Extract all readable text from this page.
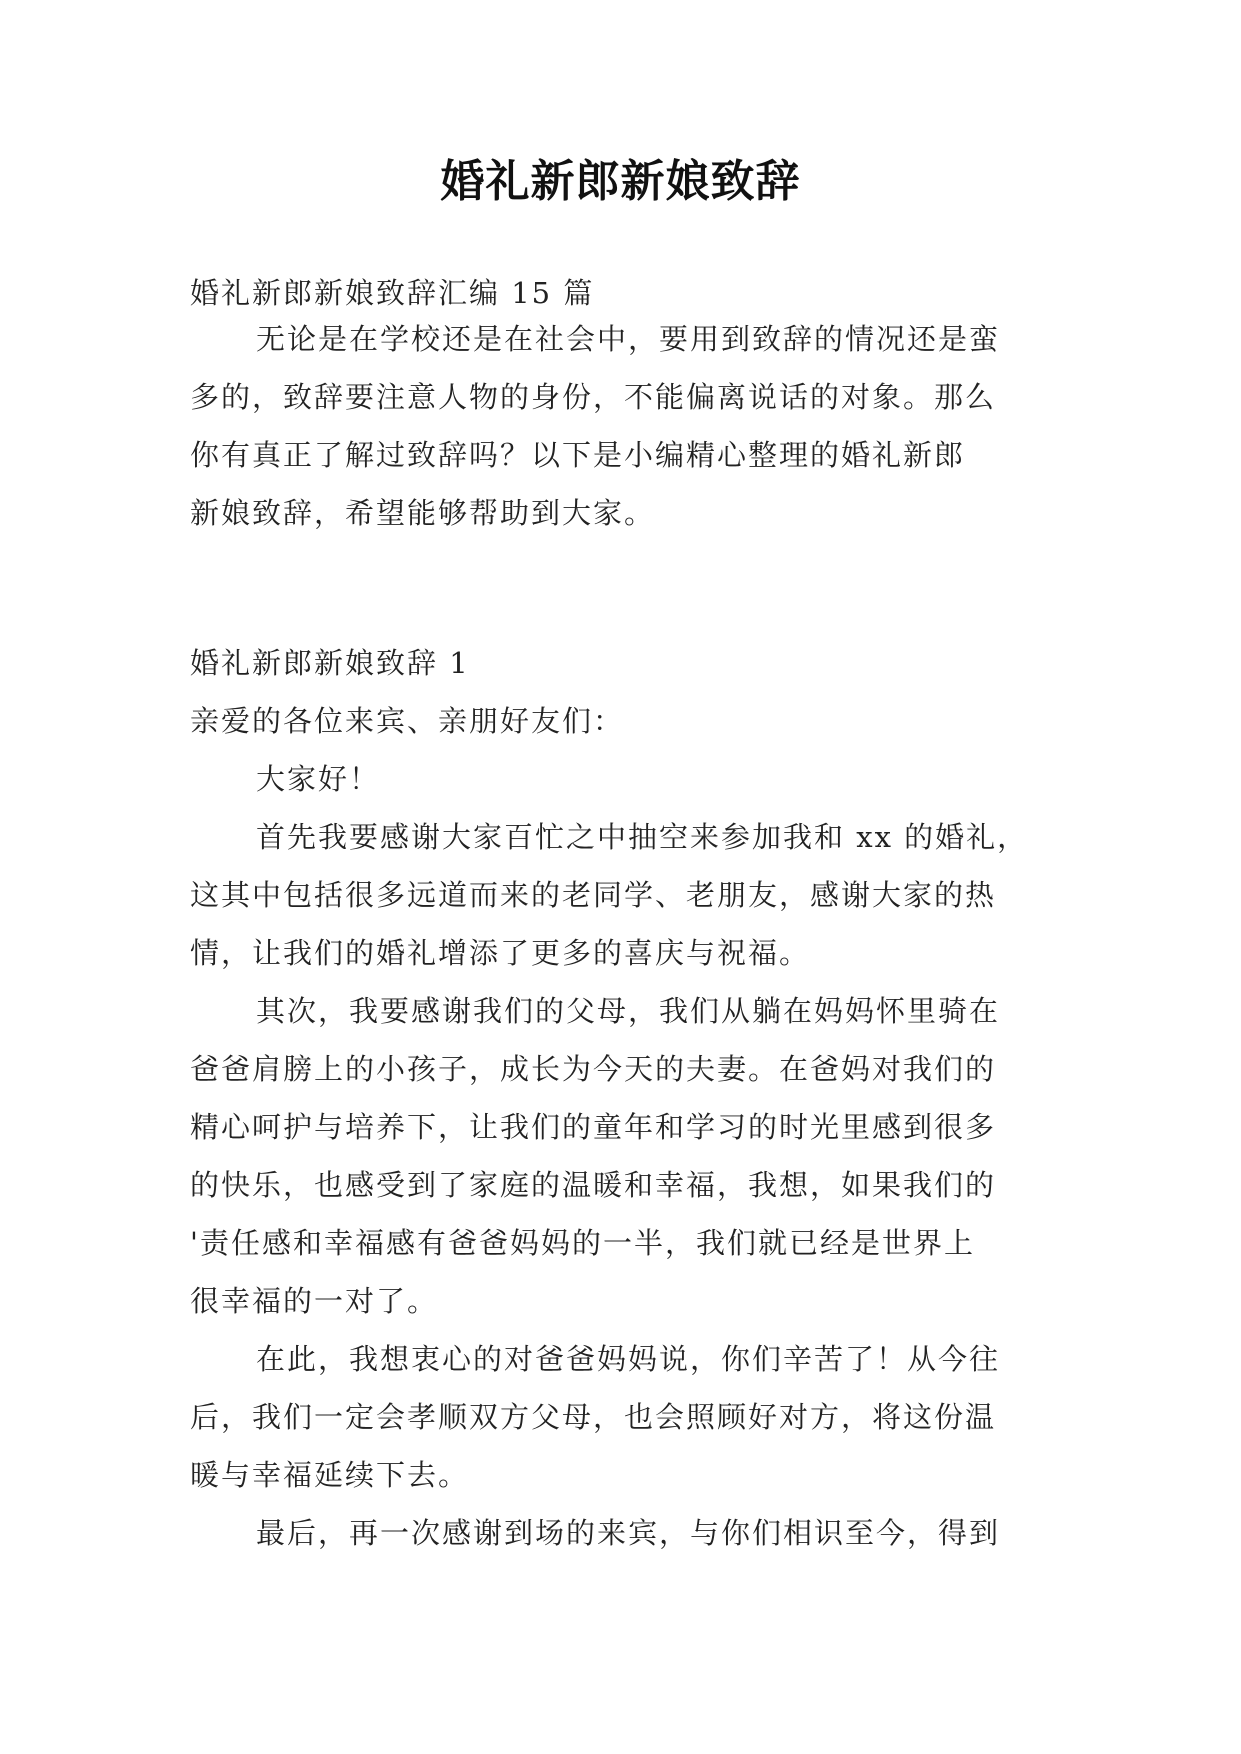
婚礼新郎新娘致辞
婚礼新郎新娘致辞汇编 15 篇
无论是在学校还是在社会中，要用到致辞的情况还是蛮
多的，致辞要注意人物的身份，不能偏离说话的对象。那么
你有真正了解过致辞吗？以下是小编精心整理的婚礼新郎
新娘致辞，希望能够帮助到大家。
婚礼新郎新娘致辞 1
亲爱的各位来宾、亲朋好友们：
大家好！
首先我要感谢大家百忙之中抽空来参加我和 xx 的婚礼，
这其中包括很多远道而来的老同学、老朋友，感谢大家的热
情，让我们的婚礼增添了更多的喜庆与祝福。
其次，我要感谢我们的父母，我们从躺在妈妈怀里骑在
爸爸肩膀上的小孩子，成长为今天的夫妻。在爸妈对我们的
精心呵护与培养下，让我们的童年和学习的时光里感到很多
的快乐，也感受到了家庭的温暖和幸福，我想，如果我们的
'责任感和幸福感有爸爸妈妈的一半，我们就已经是世界上
很幸福的一对了。
在此，我想衷心的对爸爸妈妈说，你们辛苦了！从今往
后，我们一定会孝顺双方父母，也会照顾好对方，将这份温
暖与幸福延续下去。
最后，再一次感谢到场的来宾，与你们相识至今，得到
